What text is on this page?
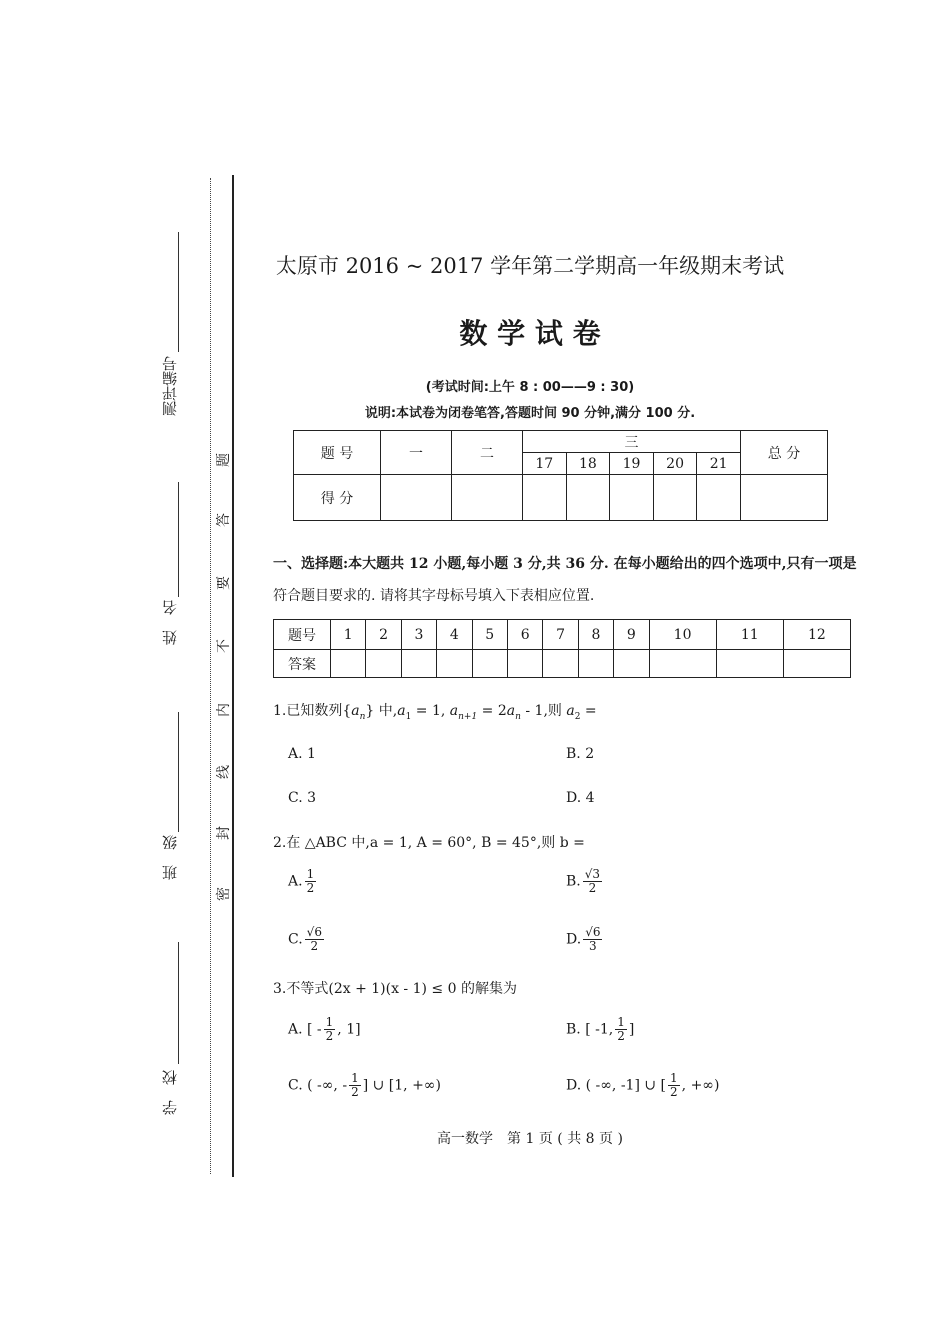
测评编号
姓　名
班　级
学　校
题
答
要
不
内
线
封
密
太原市 2016 ~ 2017 学年第二学期高一年级期末考试
数 学 试 卷
(考试时间:上午 8 : 00——9 : 30)
说明:本试卷为闭卷笔答,答题时间 90 分钟,满分 100 分.
题 号	一	二	三					总 分
			17	18	19	20	21	
得 分								
一、选择题:本大题共 12 小题,每小题 3 分,共 36 分. 在每小题给出的四个选项中,只有一项是
符合题目要求的. 请将其字母标号填入下表相应位置.
题号	1	2	3	4	5	6	7	8	9	10	11	12
答案												
1.已知数列$\{a_n\}$ 中$,a_1 = 1$, $a_{n+1} = 2a_n - 1$,则 $a_2$ =
A. 1	B. 2
C. 3	D. 4
2.在 △ABC 中,a = 1, A = 60°, B = 45°,则 b =
A. $\frac{1}{2}$	B. $\frac{√3}{2}$
C. $\frac{√6}{2}$	D. $\frac{√6}{3}$
3.不等式(2x + 1)(x - 1) ≤ 0 的解集为
A. [ - $\frac{1}{2}$ , 1]	B. [ -1, $\frac{1}{2}$ ]
C. ( -∞, - $\frac{1}{2}$ ] ∪ [1, +∞)	D. ( -∞, -1] ∪ [ $\frac{1}{2}$ , +∞)
高一数学　第 1 页 ( 共 8 页 )
